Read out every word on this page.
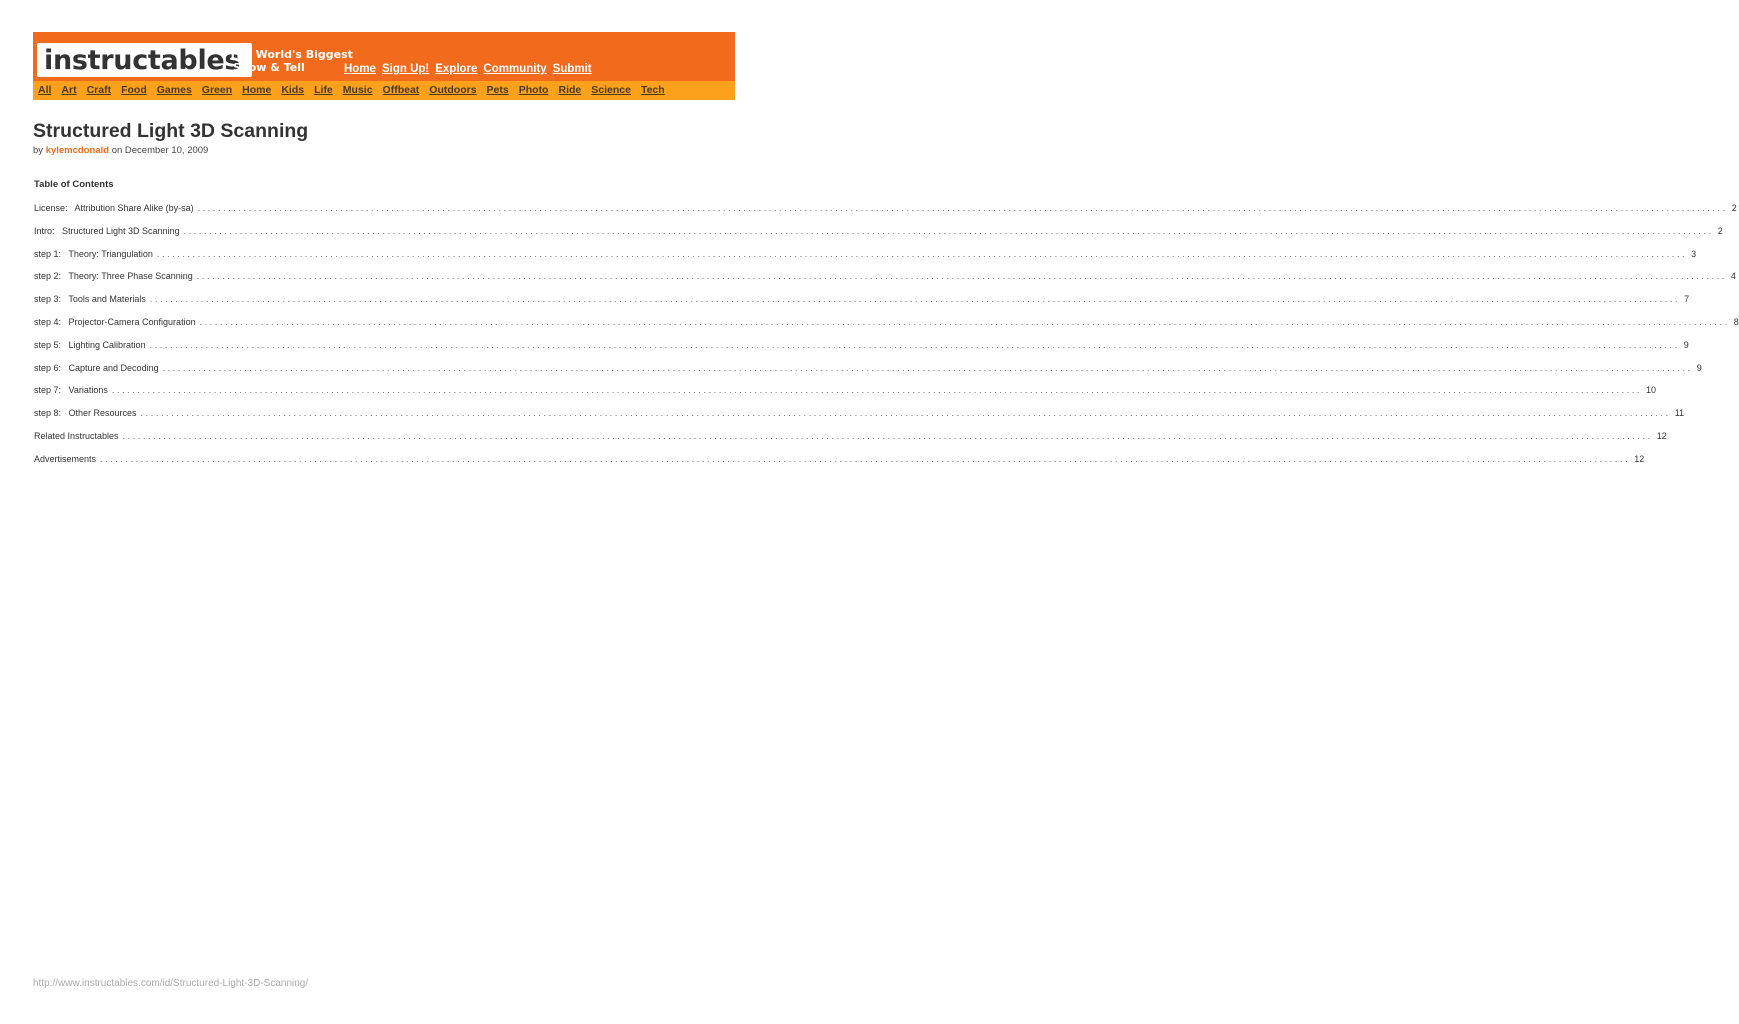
instructables
The World's Biggest
Show & Tell	Home Sign Up! Explore Community Submit
All Art Craft Food Games Green Home Kids Life Music Offbeat Outdoors Pets Photo Ride Science Tech
Structured Light 3D Scanning
by kylemcdonald on December 10, 2009
Table of Contents
License:   Attribution Share Alike (by-sa) ............................................................................................................................................................................................................................................................................................................ 2
Intro:   Structured Light 3D Scanning ............................................................................................................................................................................................................................................................................................................ 2
step 1:   Theory: Triangulation ............................................................................................................................................................................................................................................................................................................ 3
step 2:   Theory: Three Phase Scanning ............................................................................................................................................................................................................................................................................................................ 4
step 3:   Tools and Materials ............................................................................................................................................................................................................................................................................................................ 7
step 4:   Projector-Camera Configuration ............................................................................................................................................................................................................................................................................................................ 8
step 5:   Lighting Calibration ............................................................................................................................................................................................................................................................................................................ 9
step 6:   Capture and Decoding ............................................................................................................................................................................................................................................................................................................ 9
step 7:   Variations ............................................................................................................................................................................................................................................................................................................ 10
step 8:   Other Resources ............................................................................................................................................................................................................................................................................................................ 11
Related Instructables ............................................................................................................................................................................................................................................................................................................ 12
Advertisements ............................................................................................................................................................................................................................................................................................................ 12
http://www.instructables.com/id/Structured-Light-3D-Scanning/
